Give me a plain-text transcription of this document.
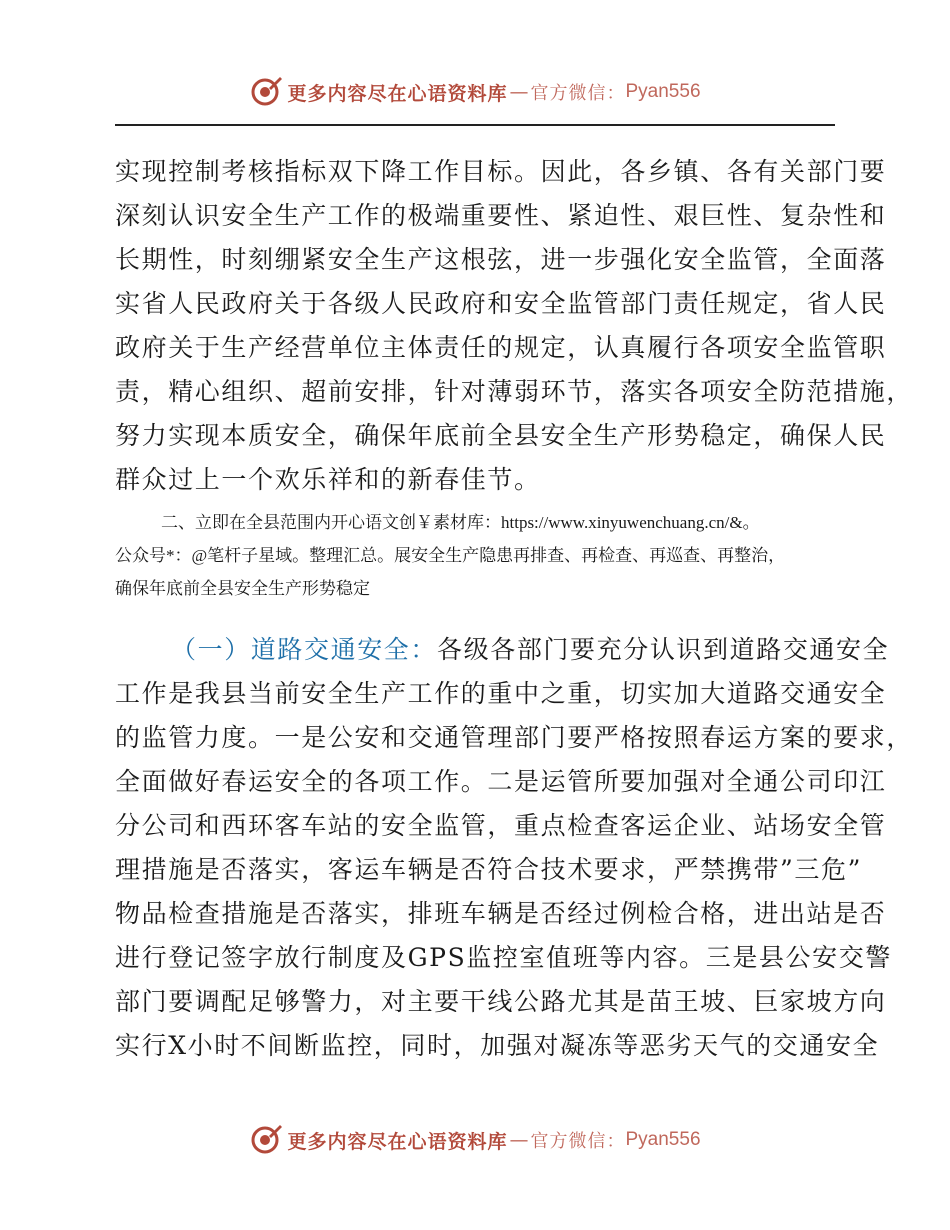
更多内容尽在心语资料库 — 官方微信： Pyan556
实现控制考核指标双下降工作目标。因此，各乡镇、各有关部门要
深刻认识安全生产工作的极端重要性、紧迫性、艰巨性、复杂性和
长期性，时刻绷紧安全生产这根弦，进一步强化安全监管，全面落
实省人民政府关于各级人民政府和安全监管部门责任规定，省人民
政府关于生产经营单位主体责任的规定，认真履行各项安全监管职
责，精心组织、超前安排，针对薄弱环节，落实各项安全防范措施，
努力实现本质安全，确保年底前全县安全生产形势稳定，确保人民
群众过上一个欢乐祥和的新春佳节。
二、立即在全县范围内开心语文创￥素材库：https://www.xinyuwenchuang.cn/&。
公众号*：@笔杆子星域。整理汇总。展安全生产隐患再排查、再检查、再巡查、再整治，
确保年底前全县安全生产形势稳定
（一）道路交通安全：各级各部门要充分认识到道路交通安全
工作是我县当前安全生产工作的重中之重，切实加大道路交通安全
的监管力度。一是公安和交通管理部门要严格按照春运方案的要求，
全面做好春运安全的各项工作。二是运管所要加强对全通公司印江
分公司和西环客车站的安全监管，重点检查客运企业、站场安全管
理措施是否落实，客运车辆是否符合技术要求，严禁携带”三危”
物品检查措施是否落实，排班车辆是否经过例检合格，进出站是否
进行登记签字放行制度及GPS监控室值班等内容。三是县公安交警
部门要调配足够警力，对主要干线公路尤其是苗王坡、巨家坡方向
实行X小时不间断监控，同时，加强对凝冻等恶劣天气的交通安全
更多内容尽在心语资料库 — 官方微信： Pyan556
